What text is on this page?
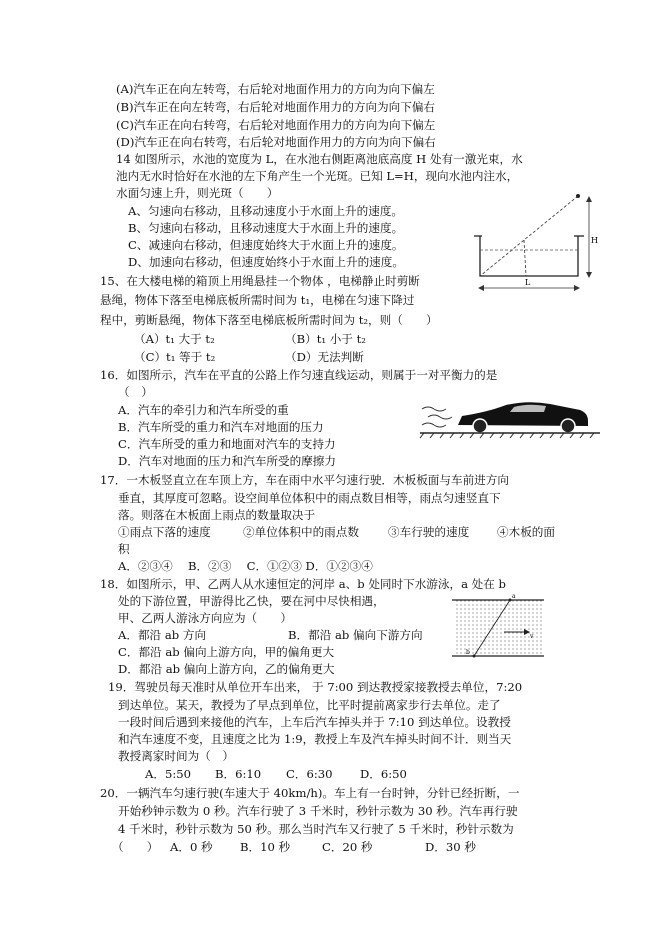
(A)汽车正在向左转弯，右后轮对地面作用力的方向为向下偏左
(B)汽车正在向左转弯，右后轮对地面作用力的方向为向下偏右
(C)汽车正在向右转弯，右后轮对地面作用力的方向为向下偏左
(D)汽车正在向右转弯，右后轮对地面作用力的方向为向下偏右
14 如图所示，水池的宽度为 L，在水池右侧距离池底高度 H 处有一激光束，水
池内无水时恰好在水池的左下角产生一个光斑。已知 L=H，现向水池内注水，
水面匀速上升，则光斑（　　）
A、匀速向右移动，且移动速度小于水面上升的速度。
B、匀速向右移动，且移动速度大于水面上升的速度。
C、减速向右移动，但速度始终大于水面上升的速度。
D、加速向右移动，但速度始终小于水面上升的速度。
H
L
15、在大楼电梯的箱顶上用绳悬挂一个物体 ，电梯静止时剪断
悬绳，物体下落至电梯底板所需时间为 t₁，电梯在匀速下降过
程中，剪断悬绳，物体下落至电梯底板所需时间为 t₂，则（　　）
（A）t₁ 大于 t₂	（B）t₁ 小于 t₂
（C）t₁ 等于 t₂	（D）无法判断
16．如图所示，汽车在平直的公路上作匀速直线运动，则属于一对平衡力的是
（　）
A．汽车的牵引力和汽车所受的重
B．汽车所受的重力和汽车对地面的压力
C．汽车所受的重力和地面对汽车的支持力
D．汽车对地面的压力和汽车所受的摩擦力
17．一木板竖直立在车顶上方，车在雨中水平匀速行驶．木板板面与车前进方向
垂直，其厚度可忽略。设空间单位体积中的雨点数目相等，雨点匀速竖直下
落。则落在木板面上雨点的数量取决于
①雨点下落的速度	②单位体积中的雨点数	③车行驶的速度 ④木板的面
积
A．②③④　 B．②③　 C．①②③ D．①②③④
18．如图所示，甲、乙两人从水速恒定的河岸 a、b 处同时下水游泳，a 处在 b
处的下游位置，甲游得比乙快，要在河中尽快相遇，
甲、乙两人游泳方向应为（　　）
A．都沿 ab 方向	B．都沿 ab 偏向下游方向
C．都沿 ab 偏向上游方向，甲的偏角更大
D．都沿 ab 偏向上游方向，乙的偏角更大
a
b
v
19．驾驶员每天准时从单位开车出来， 于 7:00 到达教授家接教授去单位，7:20
到达单位。某天，教授为了早点到单位，比平时提前离家步行去单位。走了
一段时间后遇到来接他的汽车，上车后汽车掉头并于 7:10 到达单位。设教授
和汽车速度不变，且速度之比为 1:9，教授上车及汽车掉头时间不计．则当天
教授离家时间为（　）
A．5:50 B．6:10 C．6:30 D．6:50
20．一辆汽车匀速行驶(车速大于 40km/h)。车上有一台时钟，分针已经折断，一
开始秒钟示数为 0 秒。汽车行驶了 3 千米时，秒针示数为 30 秒。汽车再行驶
4 千米时，秒针示数为 50 秒。那么当时汽车又行驶了 5 千米时，秒针示数为
（　　） A．0 秒 B．10 秒	C．20 秒	D．30 秒
